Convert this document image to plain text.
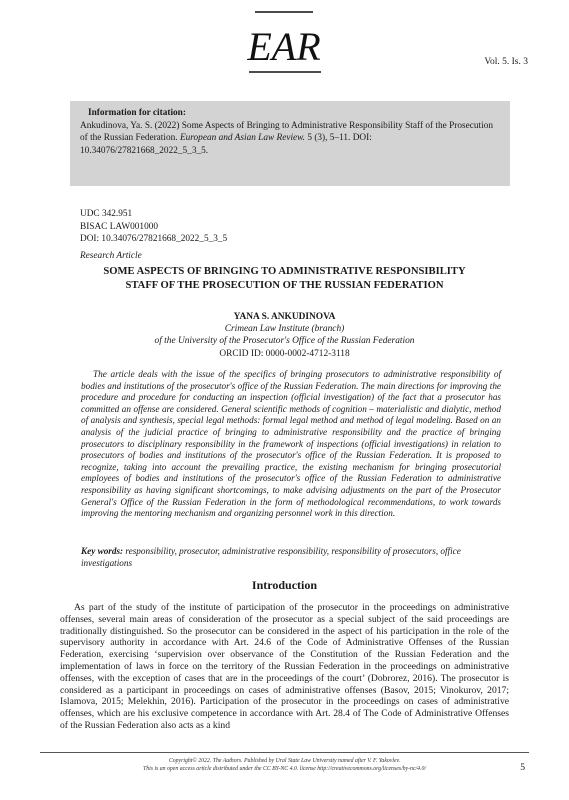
EAR	Vol. 5. Is. 3
Information for citation:
Ankudinova, Ya. S. (2022) Some Aspects of Bringing to Administrative Responsibility Staff of the Prosecution of the Russian Federation. European and Asian Law Review. 5 (3), 5–11. DOI: 10.34076/27821668_2022_5_3_5.
UDC 342.951
BISAC LAW001000
DOI: 10.34076/27821668_2022_5_3_5
Research Article
SOME ASPECTS OF BRINGING TO ADMINISTRATIVE RESPONSIBILITY
STAFF OF THE PROSECUTION OF THE RUSSIAN FEDERATION
YANA S. ANKUDINOVA
Crimean Law Institute (branch)
of the University of the Prosecutor's Office of the Russian Federation
ORCID ID: 0000-0002-4712-3118
The article deals with the issue of the specifics of bringing prosecutors to administrative responsibility of bodies and institutions of the prosecutor's office of the Russian Federation. The main directions for improving the procedure and procedure for conducting an inspection (official investigation) of the fact that a prosecutor has committed an offense are considered. General scientific methods of cognition – materialistic and dialytic, method of analysis and synthesis, special legal methods: formal legal method and method of legal modeling. Based on an analysis of the judicial practice of bringing to administrative responsibility and the practice of bringing prosecutors to disciplinary responsibility in the framework of inspections (official investigations) in relation to prosecutors of bodies and institutions of the prosecutor's office of the Russian Federation. It is proposed to recognize, taking into account the prevailing practice, the existing mechanism for bringing prosecutorial employees of bodies and institutions of the prosecutor's office of the Russian Federation to administrative responsibility as having significant shortcomings, to make advising adjustments on the part of the Prosecutor General's Office of the Russian Federation in the form of methodological recommendations, to work towards improving the mentoring mechanism and organizing personnel work in this direction.
Key words: responsibility, prosecutor, administrative responsibility, responsibility of prosecutors, office investigations
Introduction
As part of the study of the institute of participation of the prosecutor in the proceedings on administrative offenses, several main areas of consideration of the prosecutor as a special subject of the said proceedings are traditionally distinguished. So the prosecutor can be considered in the aspect of his participation in the role of the supervisory authority in accordance with Art. 24.6 of the Code of Administrative Offenses of the Russian Federation, exercising ‘supervision over observance of the Constitution of the Russian Federation and the implementation of laws in force on the territory of the Russian Federation in the proceedings on administrative offenses, with the exception of cases that are in the proceedings of the court’ (Dobrorez, 2016). The prosecutor is considered as a participant in proceedings on cases of administrative offenses (Basov, 2015; Vinokurov, 2017; Islamova, 2015; Melekhin, 2016). Participation of the prosecutor in the proceedings on cases of administrative offenses, which are his exclusive competence in accordance with Art. 28.4 of The Code of Administrative Offenses of the Russian Federation also acts as a kind
Copyright© 2022. The Authors. Published by Ural State Law University named after V. F. Yakovlev.
This is an open access article distributed under the CC BY-NC 4.0. license http://creativecommons.org/licenses/by-nc/4.0/	5
